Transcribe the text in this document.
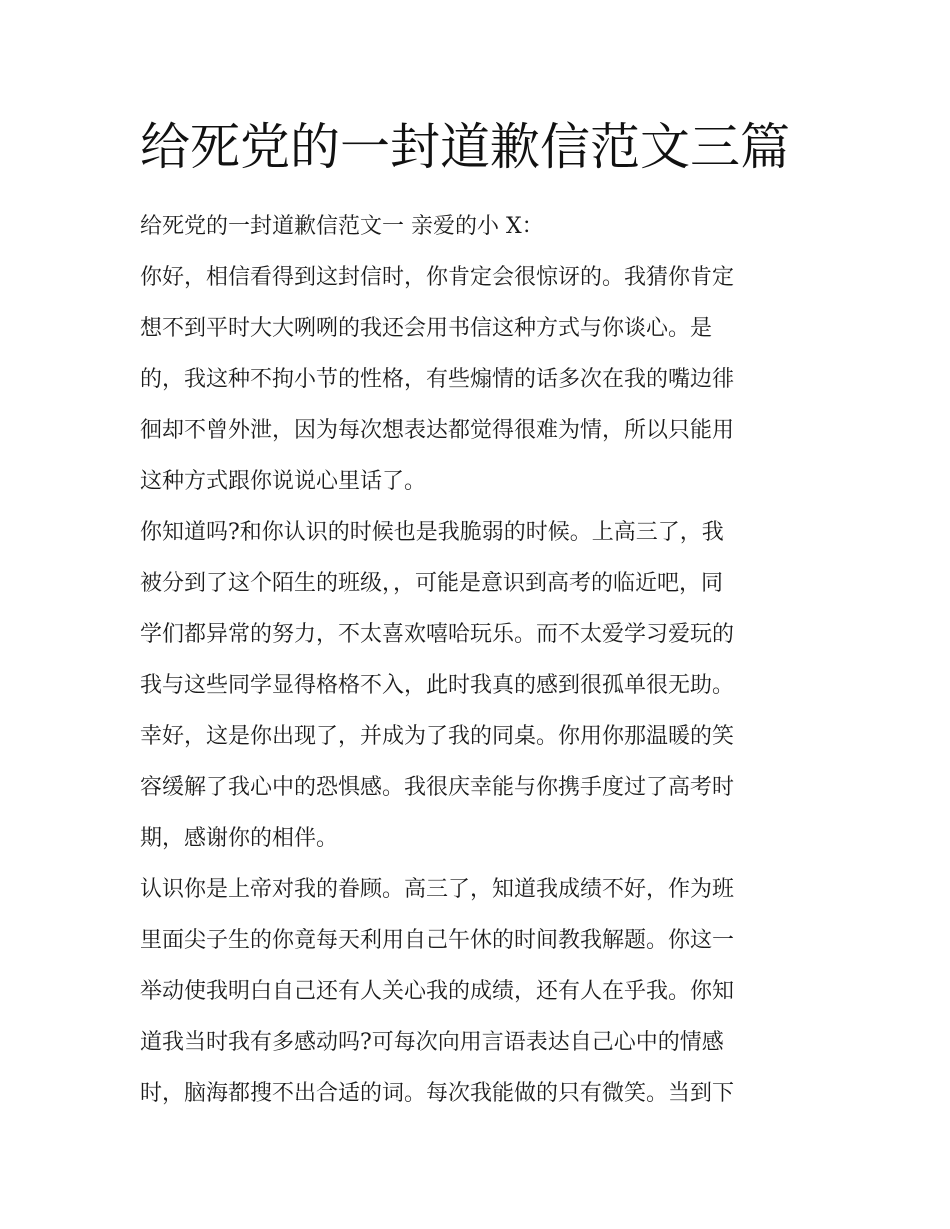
给死党的一封道歉信范文三篇
给死党的一封道歉信范文一 亲爱的小 X：
你好，相信看得到这封信时，你肯定会很惊讶的。我猜你肯定
想不到平时大大咧咧的我还会用书信这种方式与你谈心。是
的，我这种不拘小节的性格，有些煽情的话多次在我的嘴边徘
徊却不曾外泄，因为每次想表达都觉得很难为情，所以只能用
这种方式跟你说说心里话了。
你知道吗?和你认识的时候也是我脆弱的时候。上高三了，我
被分到了这个陌生的班级，，可能是意识到高考的临近吧，同
学们都异常的努力，不太喜欢嘻哈玩乐。而不太爱学习爱玩的
我与这些同学显得格格不入，此时我真的感到很孤单很无助。
幸好，这是你出现了，并成为了我的同桌。你用你那温暖的笑
容缓解了我心中的恐惧感。我很庆幸能与你携手度过了高考时
期，感谢你的相伴。
认识你是上帝对我的眷顾。高三了，知道我成绩不好，作为班
里面尖子生的你竟每天利用自己午休的时间教我解题。你这一
举动使我明白自己还有人关心我的成绩，还有人在乎我。你知
道我当时我有多感动吗?可每次向用言语表达自己心中的情感
时，脑海都搜不出合适的词。每次我能做的只有微笑。当到下
